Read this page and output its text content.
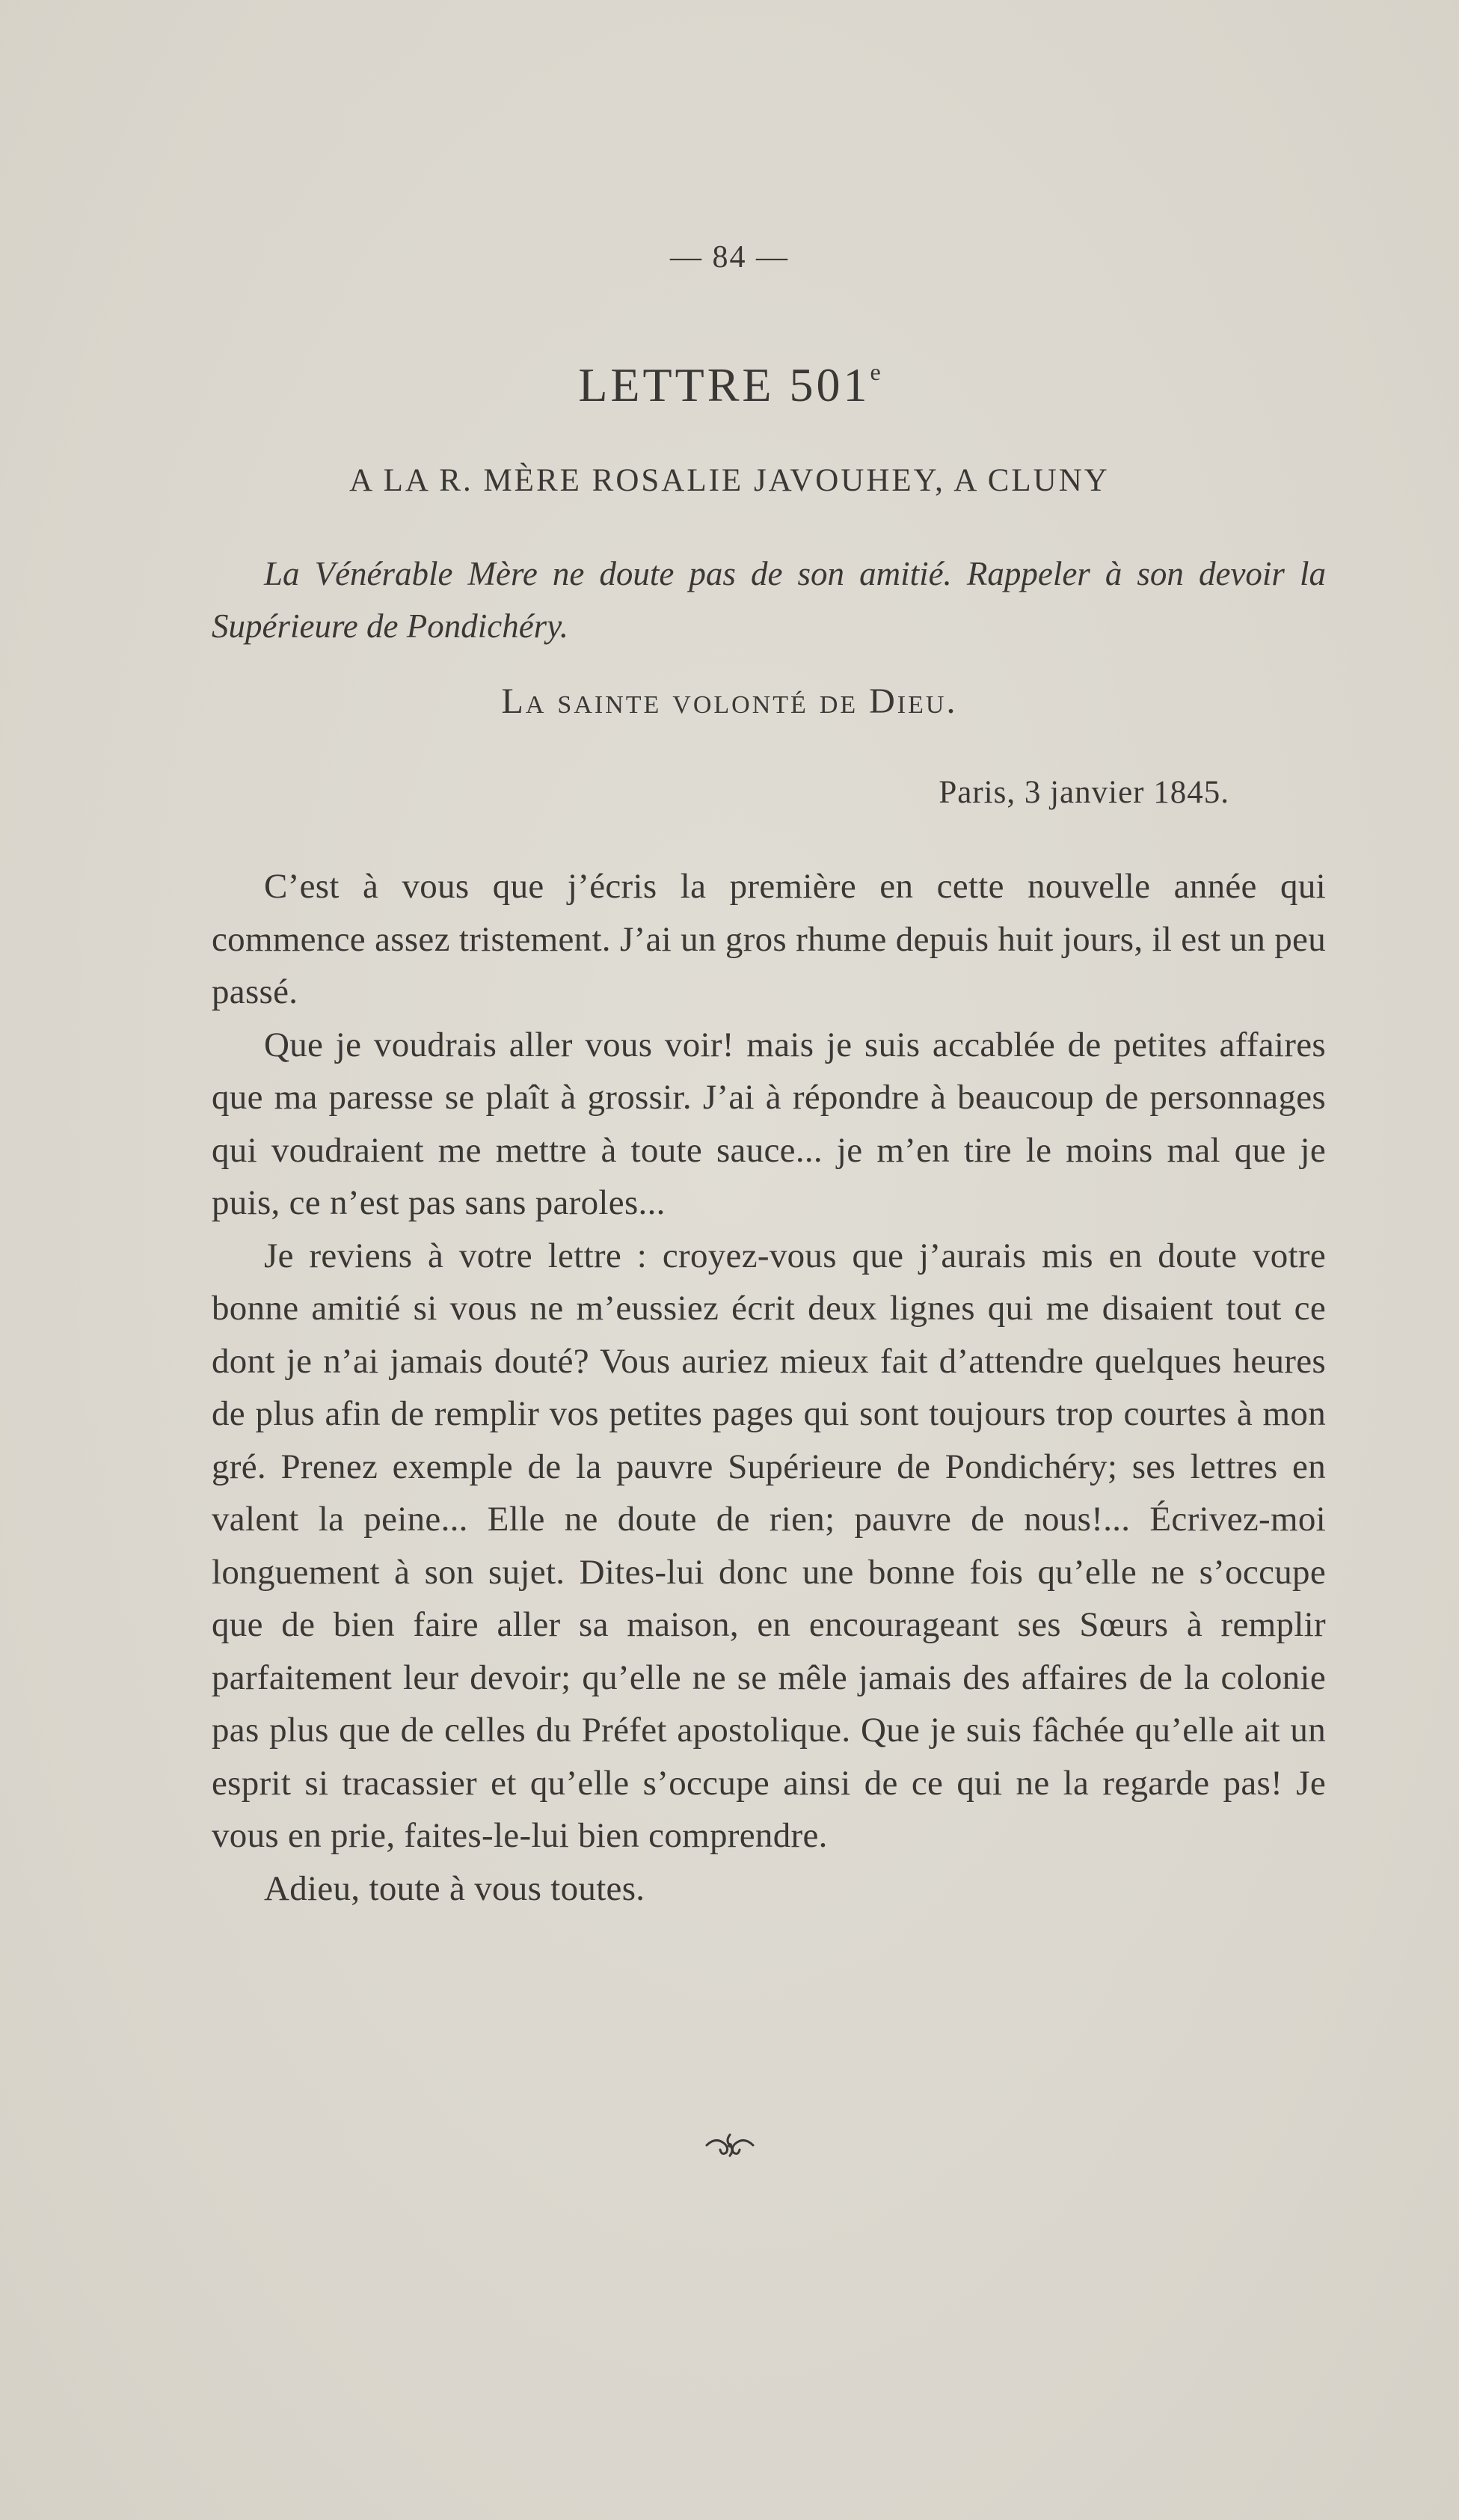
— 84 —
LETTRE 501e
A LA R. MÈRE ROSALIE JAVOUHEY, A CLUNY
La Vénérable Mère ne doute pas de son amitié. Rappeler à son devoir la Supérieure de Pondichéry.
La sainte volonté de Dieu.
Paris, 3 janvier 1845.

C’est à vous que j’écris la première en cette nouvelle année qui commence assez tristement. J’ai un gros rhume depuis huit jours, il est un peu passé.

Que je voudrais aller vous voir! mais je suis accablée de petites affaires que ma paresse se plaît à grossir. J’ai à répondre à beaucoup de personnages qui voudraient me mettre à toute sauce... je m’en tire le moins mal que je puis, ce n’est pas sans paroles...

Je reviens à votre lettre : croyez-vous que j’aurais mis en doute votre bonne amitié si vous ne m’eussiez écrit deux lignes qui me disaient tout ce dont je n’ai jamais douté? Vous auriez mieux fait d’attendre quelques heures de plus afin de remplir vos petites pages qui sont toujours trop courtes à mon gré. Prenez exemple de la pauvre Supérieure de Pondichéry; ses lettres en valent la peine... Elle ne doute de rien; pauvre de nous!... Écrivez-moi longuement à son sujet. Dites-lui donc une bonne fois qu’elle ne s’occupe que de bien faire aller sa maison, en encourageant ses Sœurs à remplir parfaitement leur devoir; qu’elle ne se mêle jamais des affaires de la colonie pas plus que de celles du Préfet apostolique. Que je suis fâchée qu’elle ait un esprit si tracassier et qu’elle s’occupe ainsi de ce qui ne la regarde pas! Je vous en prie, faites-le-lui bien comprendre.

Adieu, toute à vous toutes.
